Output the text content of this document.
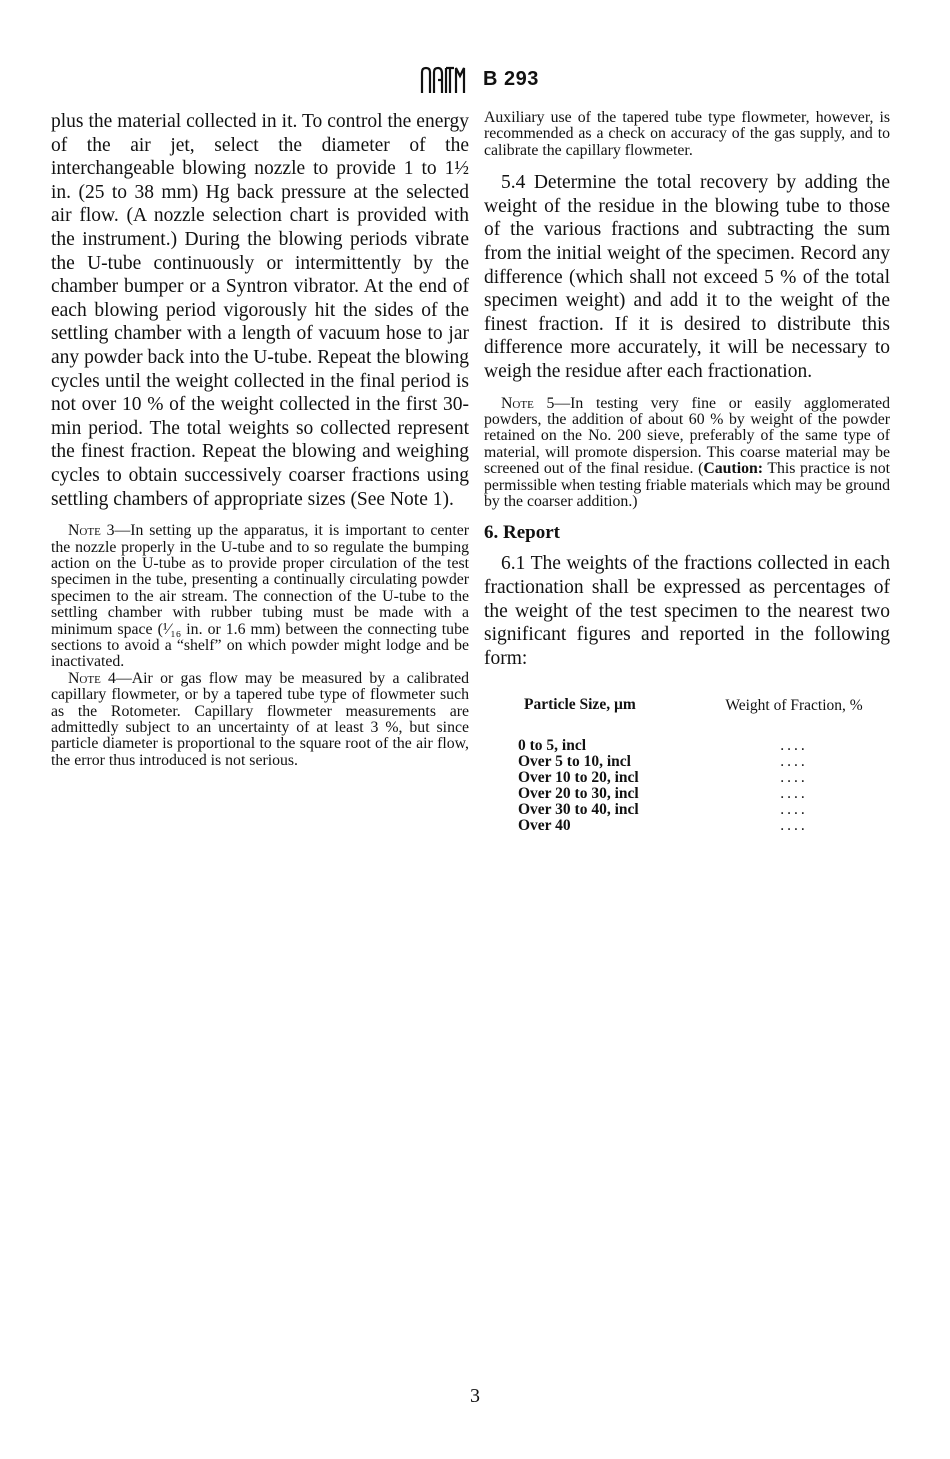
B 293

plus the material collected in it. To control the energy of the air jet, select the diameter of the interchangeable blowing nozzle to provide 1 to 1½ in. (25 to 38 mm) Hg back pressure at the selected air flow. (A nozzle selection chart is provided with the instrument.) During the blowing periods vibrate the U-tube continuously or intermittently by the chamber bumper or a Syntron vibrator. At the end of each blowing period vigorously hit the sides of the settling chamber with a length of vacuum hose to jar any powder back into the U-tube. Repeat the blowing cycles until the weight collected in the final period is not over 10 % of the weight collected in the first 30-min period. The total weights so collected represent the finest fraction. Repeat the blowing and weighing cycles to obtain successively coarser fractions using settling chambers of appropriate sizes (See Note 1).

Note 3—In setting up the apparatus, it is important to center the nozzle properly in the U-tube and to so regulate the bumping action on the U-tube as to provide proper circulation of the test specimen in the tube, presenting a continually circulating powder specimen to the air stream. The connection of the U-tube to the settling chamber with rubber tubing must be made with a minimum space (¹⁄₁₆ in. or 1.6 mm) between the connecting tube sections to avoid a “shelf” on which powder might lodge and be inactivated.

Note 4—Air or gas flow may be measured by a calibrated capillary flowmeter, or by a tapered tube type of flowmeter such as the Rotometer. Capillary flowmeter measurements are admittedly subject to an uncertainty of at least 3 %, but since particle diameter is proportional to the square root of the air flow, the error thus introduced is not serious.

Auxiliary use of the tapered tube type flowmeter, however, is recommended as a check on accuracy of the gas supply, and to calibrate the capillary flowmeter.

5.4 Determine the total recovery by adding the weight of the residue in the blowing tube to those of the various fractions and subtracting the sum from the initial weight of the specimen. Record any difference (which shall not exceed 5 % of the total specimen weight) and add it to the weight of the finest fraction. If it is desired to distribute this difference more accurately, it will be necessary to weigh the residue after each fractionation.

Note 5—In testing very fine or easily agglomerated powders, the addition of about 60 % by weight of the powder retained on the No. 200 sieve, preferably of the same type of material, will promote dispersion. This coarse material may be screened out of the final residue. (Caution: This practice is not permissible when testing friable materials which may be ground by the coarser addition.)

6. Report

6.1 The weights of the fractions collected in each fractionation shall be expressed as percentages of the weight of the test specimen to the nearest two significant figures and reported in the following form:

Particle Size, µm	Weight of Fraction, %
0 to 5, incl	....
Over 5 to 10, incl	....
Over 10 to 20, incl	....
Over 20 to 30, incl	....
Over 30 to 40, incl	....
Over 40	....
3
